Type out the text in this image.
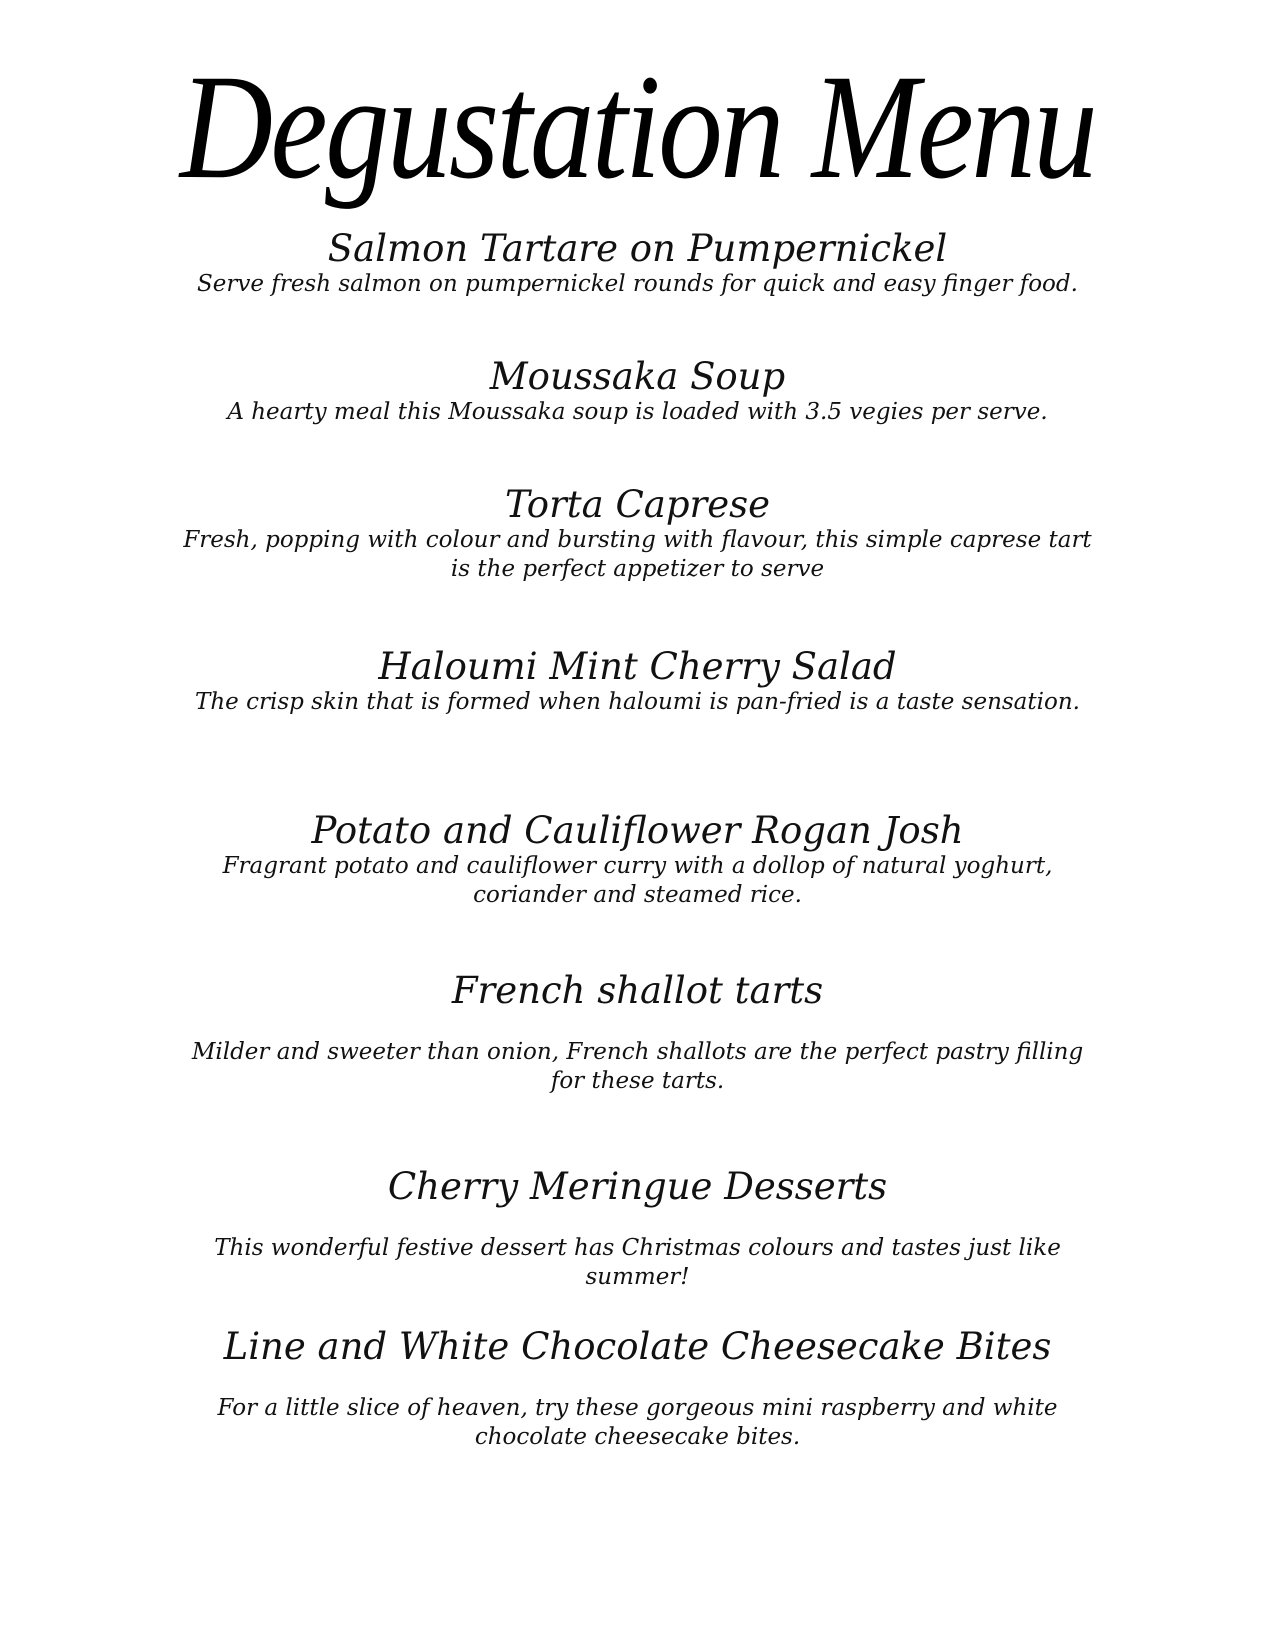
Degustation Menu
Salmon Tartare on Pumpernickel
Serve fresh salmon on pumpernickel rounds for quick and easy finger food.
Moussaka Soup
A hearty meal this Moussaka soup is loaded with 3.5 vegies per serve.
Torta Caprese
Fresh, popping with colour and bursting with flavour, this simple caprese tart is the perfect appetizer to serve
Haloumi Mint Cherry Salad
The crisp skin that is formed when haloumi is pan-fried is a taste sensation.
Potato and Cauliflower Rogan Josh
Fragrant potato and cauliflower curry with a dollop of natural yoghurt, coriander and steamed rice.
French shallot tarts
Milder and sweeter than onion, French shallots are the perfect pastry filling for these tarts.
Cherry Meringue Desserts
This wonderful festive dessert has Christmas colours and tastes just like summer!
Line and White Chocolate Cheesecake Bites
For a little slice of heaven, try these gorgeous mini raspberry and white chocolate cheesecake bites.
